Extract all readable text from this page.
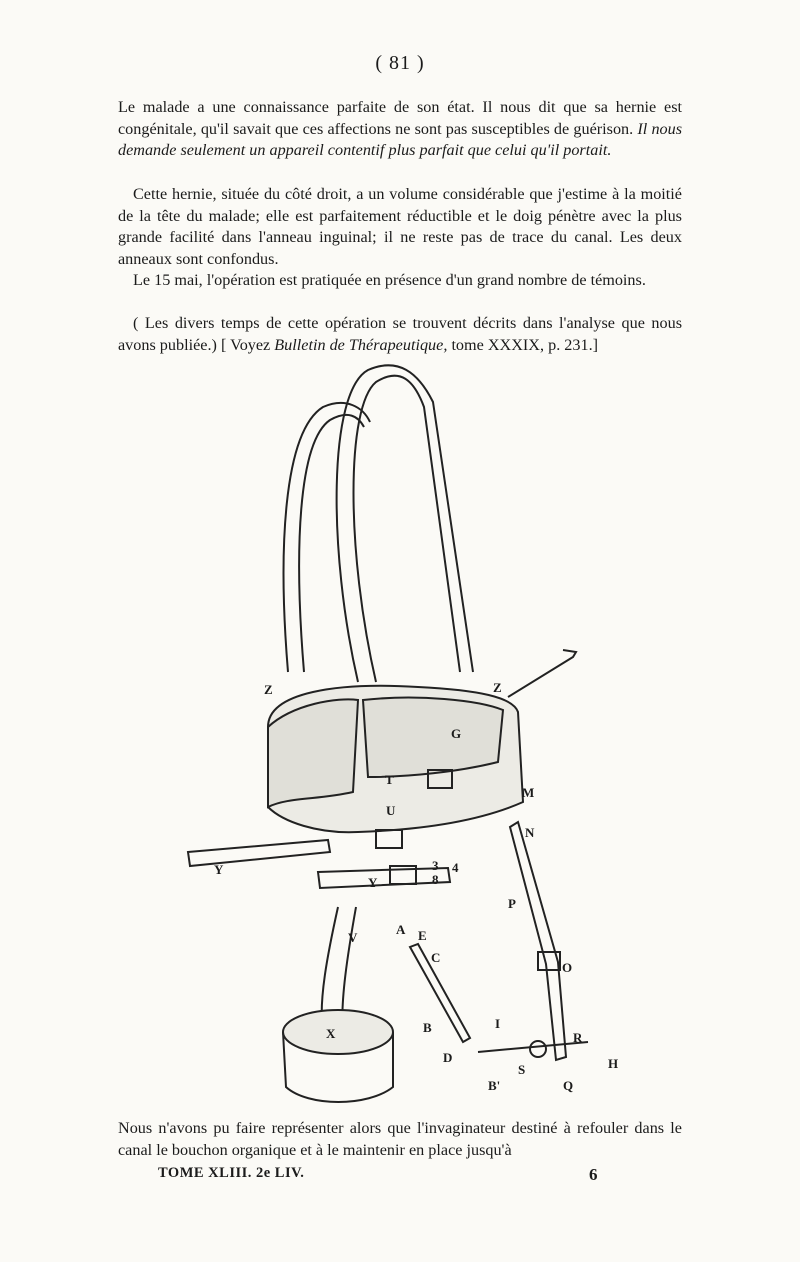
( 81 )

Le malade a une connaissance parfaite de son état. Il nous dit que sa hernie est congénitale, qu'il savait que ces affections ne sont pas susceptibles de guérison. Il nous demande seulement un appareil contentif plus parfait que celui qu'il portait.

Cette hernie, située du côté droit, a un volume considérable que j'estime à la moitié de la tête du malade; elle est parfaitement réductible et le doig pénètre avec la plus grande facilité dans l'anneau inguinal; il ne reste pas de trace du canal. Les deux anneaux sont confondus.

Le 15 mai, l'opération est pratiquée en présence d'un grand nombre de témoins.

( Les divers temps de cette opération se trouvent décrits dans l'analyse que nous avons publiée.) [ Voyez Bulletin de Thérapeutique, tome XXXIX, p. 231.]

Z	Z
G
T
M
U
N
3
8
4
Y
Y
P
V
A E
C
O
X	B
D
I
R
H
S
Q
B'

Nous n'avons pu faire représenter alors que l'invaginateur destiné à refouler dans le canal le bouchon organique et à le maintenir en place jusqu'à

TOME XLIII. 2e LIV.	6
